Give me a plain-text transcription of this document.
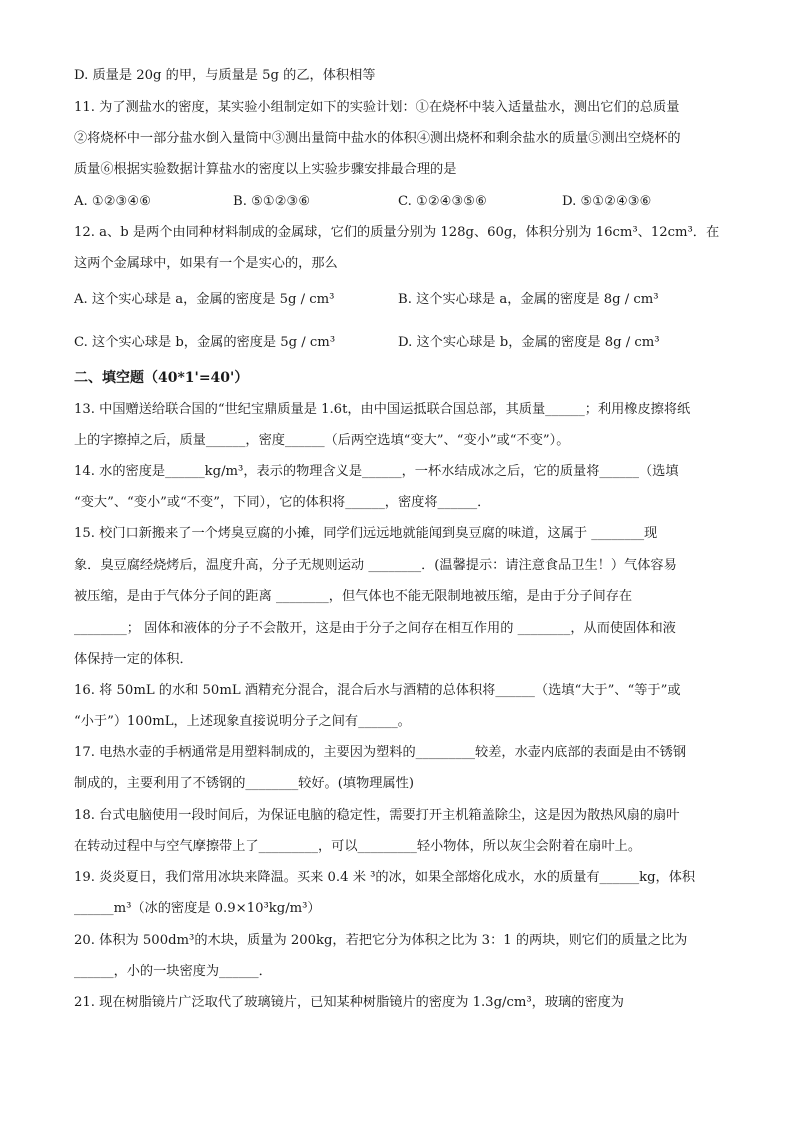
D. 质量是 20g 的甲，与质量是 5g 的乙，体积相等
11. 为了测盐水的密度，某实验小组制定如下的实验计划：①在烧杯中装入适量盐水，测出它们的总质量
②将烧杯中一部分盐水倒入量筒中③测出量筒中盐水的体积④测出烧杯和剩余盐水的质量⑤测出空烧杯的
质量⑥根据实验数据计算盐水的密度以上实验步骤安排最合理的是
A. ①②③④⑥	B. ⑤①②③⑥	C. ①②④③⑤⑥	D. ⑤①②④③⑥
12. a、b 是两个由同种材料制成的金属球，它们的质量分别为 128g、60g，体积分别为 16cm³、12cm³．在
这两个金属球中，如果有一个是实心的，那么
A. 这个实心球是 a，金属的密度是 5g / cm³	B. 这个实心球是 a，金属的密度是 8g / cm³
C. 这个实心球是 b，金属的密度是 5g / cm³	D. 这个实心球是 b，金属的密度是 8g / cm³
二、填空题（40*1'=40'）
13. 中国赠送给联合国的“世纪宝鼎质量是 1.6t，由中国运抵联合国总部，其质量______；利用橡皮擦将纸
上的字擦掉之后，质量______，密度______（后两空选填“变大”、“变小”或“不变”）。
14. 水的密度是______kg/m³，表示的物理含义是______，一杯水结成冰之后，它的质量将______（选填
“变大”、“变小”或“不变”，下同），它的体积将______，密度将______．
15. 校门口新搬来了一个烤臭豆腐的小摊，同学们远远地就能闻到臭豆腐的味道，这属于 ________现
象．臭豆腐经烧烤后，温度升高，分子无规则运动 ________．(温馨提示：请注意食品卫生！）气体容易
被压缩，是由于气体分子间的距离 ________，但气体也不能无限制地被压缩，是由于分子间存在
________； 固体和液体的分子不会散开，这是由于分子之间存在相互作用的 ________，从而使固体和液
体保持一定的体积．
16. 将 50mL 的水和 50mL 酒精充分混合，混合后水与酒精的总体积将______（选填“大于”、“等于”或
“小于”）100mL，上述现象直接说明分子之间有______。
17. 电热水壶的手柄通常是用塑料制成的，主要因为塑料的_________较差，水壶内底部的表面是由不锈钢
制成的，主要利用了不锈钢的________较好。(填物理属性)
18. 台式电脑使用一段时间后，为保证电脑的稳定性，需要打开主机箱盖除尘，这是因为散热风扇的扇叶
在转动过程中与空气摩擦带上了_________，可以_________轻小物体，所以灰尘会附着在扇叶上。
19. 炎炎夏日，我们常用冰块来降温。买来 0.4 米 ³的冰，如果全部熔化成水，水的质量有______kg，体积
______m³（冰的密度是 0.9×10³kg/m³）
20. 体积为 500dm³的木块，质量为 200kg，若把它分为体积之比为 3：1 的两块，则它们的质量之比为
______，小的一块密度为______．
21. 现在树脂镜片广泛取代了玻璃镜片，已知某种树脂镜片的密度为 1.3g/cm³，玻璃的密度为
